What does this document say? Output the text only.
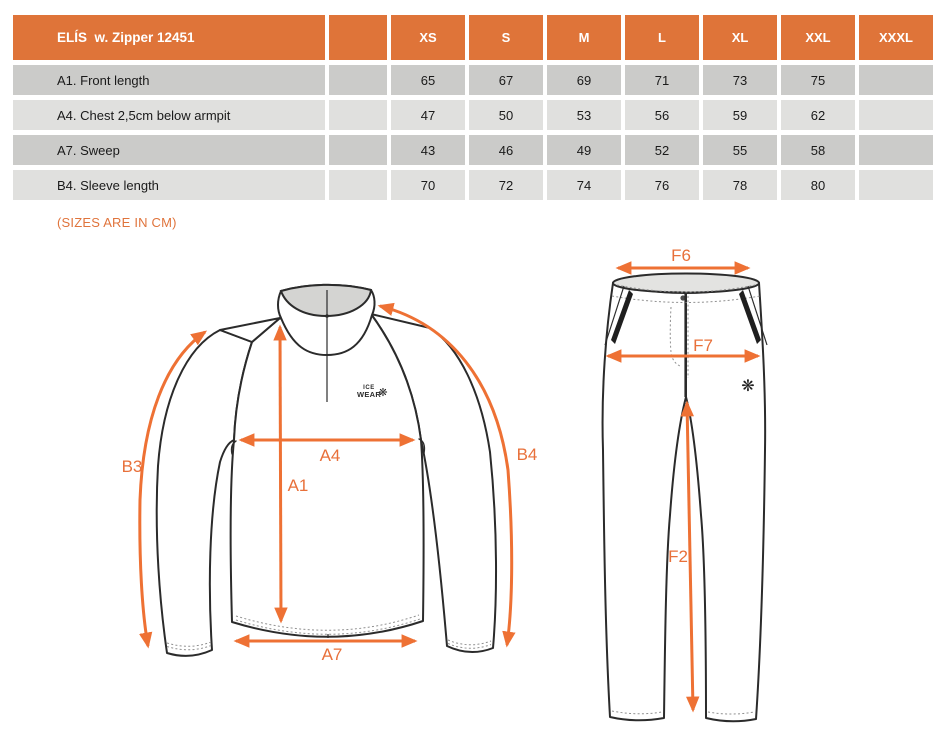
ELÍS  w. Zipper 12451		XS	S	M	L	XL	XXL	XXXL
A1. Front length		65	67	69	71	73	75	
A4. Chest 2,5cm below armpit		47	50	53	56	59	62	
A7. Sweep		43	46	49	52	55	58	
B4. Sleeve length		70	72	74	76	78	80	
(SIZES ARE IN CM)
ICE
WEAR
❋
B3
A4
A1
B4
A7
❋
F6
F7
F2
